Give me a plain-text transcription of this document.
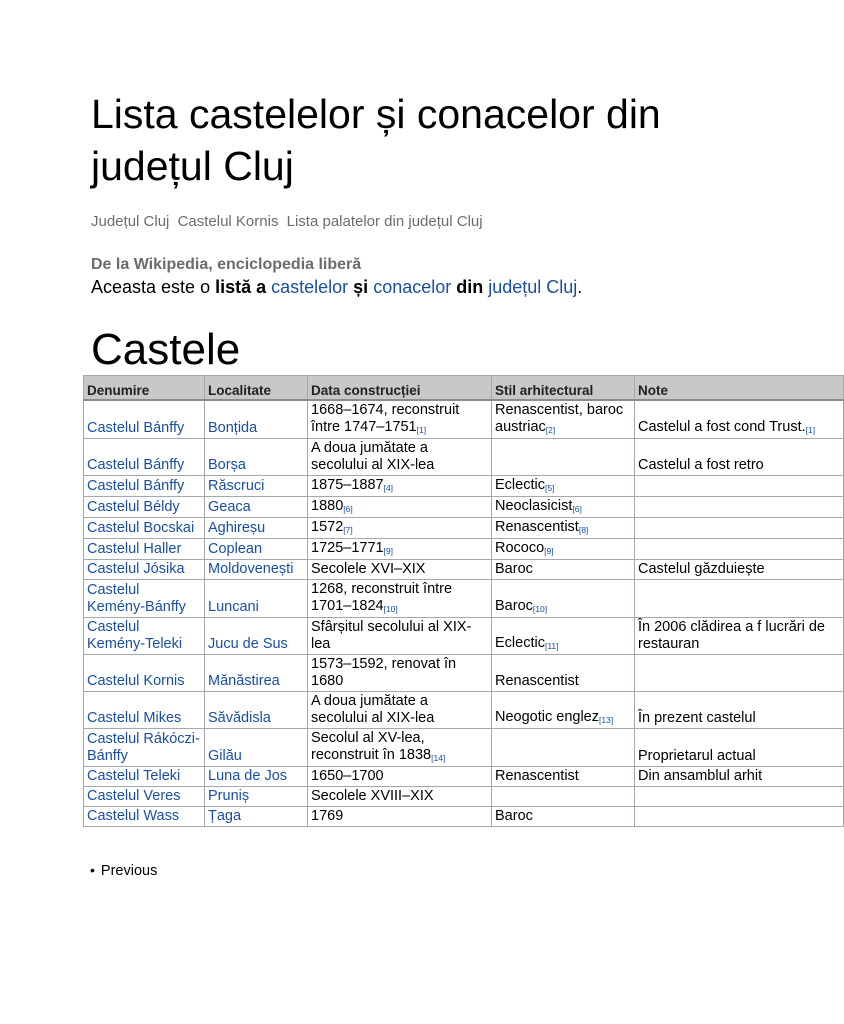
Lista castelelor și conacelor din județul Cluj
Județul Cluj Castelul Kornis Lista palatelor din județul Cluj
De la Wikipedia, enciclopedia liberă
Aceasta este o listă a castelelor și conacelor din județul Cluj.
Castele
Denumire	Localitate	Data construcției	Stil arhitectural	Note
Castelul Bánffy	Bonțida	1668–1674, reconstruit între 1747–1751[1]	Renascentist, baroc austriac[2]	Castelul a fost cond Trust.[1]
Castelul Bánffy	Borșa	A doua jumătate a secolului al XIX-lea		Castelul a fost retro
Castelul Bánffy	Răscruci	1875–1887[4]	Eclectic[5]	
Castelul Béldy	Geaca	1880[6]	Neoclasicist[6]	
Castelul Bocskai	Aghireșu	1572[7]	Renascentist[8]	
Castelul Haller	Coplean	1725–1771[9]	Rococo[9]	
Castelul Jósika	Moldovenești	Secolele XVI–XIX	Baroc	Castelul găzduiește
Castelul Kemény-Bánffy	Luncani	1268, reconstruit între 1701–1824[10]	Baroc[10]	
Castelul Kemény-Teleki	Jucu de Sus	Sfârșitul secolului al XIX-lea	Eclectic[11]	În 2006 clădirea a f lucrări de restauran
Castelul Kornis	Mănăstirea	1573–1592, renovat în 1680	Renascentist	
Castelul Mikes	Săvădisla	A doua jumătate a secolului al XIX-lea	Neogotic englez[13]	În prezent castelul
Castelul Rákóczi-Bánffy	Gilău	Secolul al XV-lea, reconstruit în 1838[14]		Proprietarul actual
Castelul Teleki	Luna de Jos	1650–1700	Renascentist	Din ansamblul arhit
Castelul Veres	Pruniș	Secolele XVIII–XIX		
Castelul Wass	Țaga	1769	Baroc	
• Previous
